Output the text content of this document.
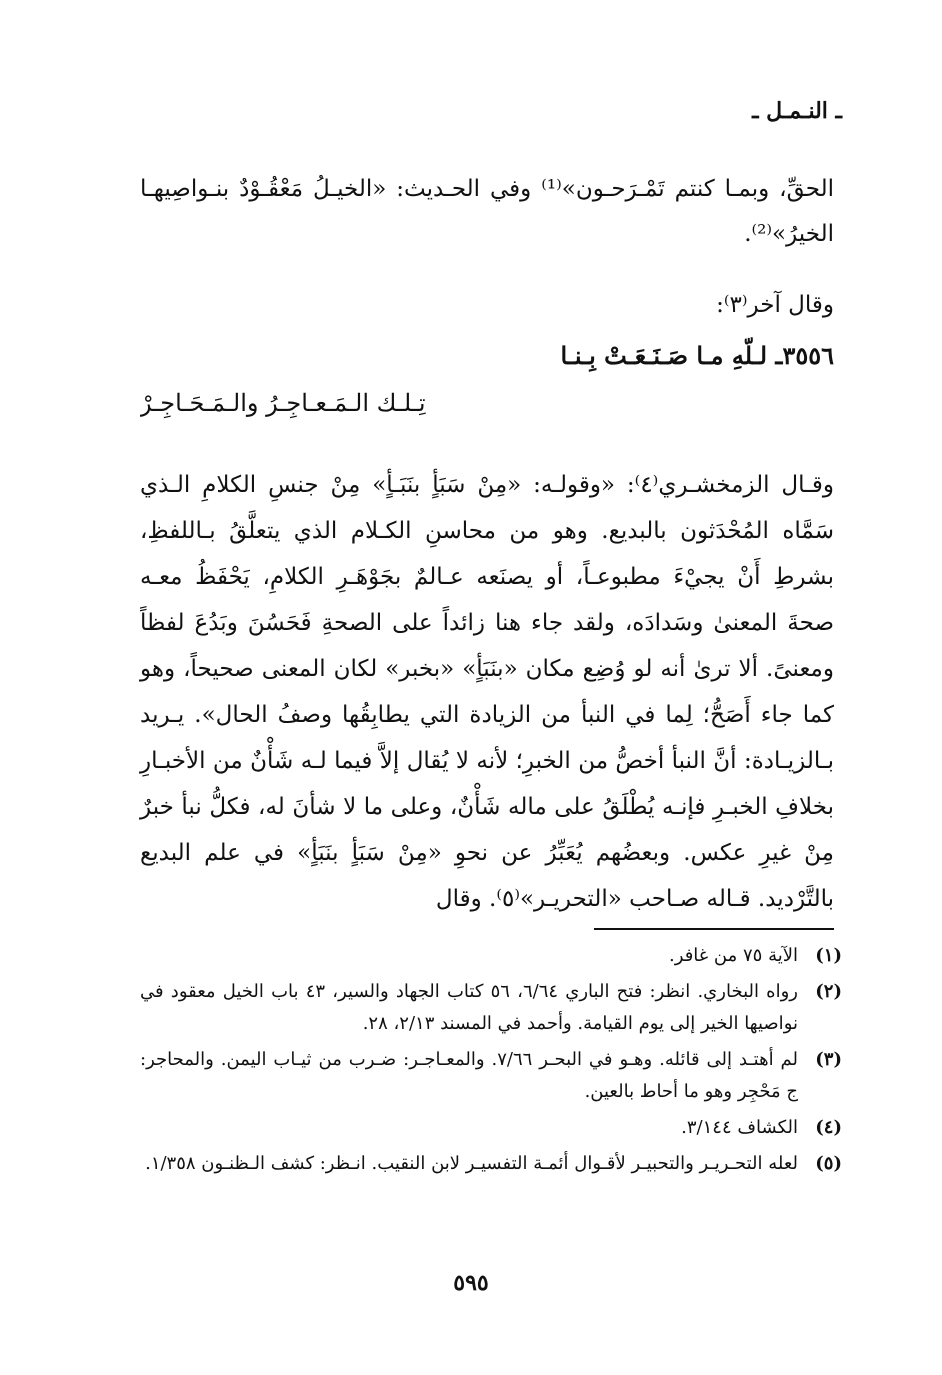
ـ النـمـل ـ
الحقِّ، وبمـا كنتم تَمْـرَحـون»⁽¹⁾ وفي الحـديث: «الخيـلُ مَعْقُـوْدٌ بنـواصِيهـا الخيرُ»⁽²⁾.
وقال آخر⁽٣⁾:
٣٥٥٦ـ لـلّهِ مـا صَـنَـعَـتْ بِـنـا
تِـلـك الـمَـعـاجِـرُ والـمَـحَـاجِـرْ
وقـال الزمخشـري⁽٤⁾: «وقولـه: «مِنْ سَبَأٍ بنَبَـأٍ» مِنْ جنسِ الكلامِ الـذي سَمَّاه المُحْدَثون بالبديع. وهو من محاسنِ الكـلام الذي يتعلَّقُ بـاللفظِ، بشرطِ أَنْ يجيْءَ مطبوعـاً، أو يصنَعه عـالمٌ بجَوْهَـرِ الكلامِ، يَحْفَظُ معـه صحةَ المعنىٰ وسَدادَه، ولقد جاء هنا زائداً على الصحةِ فَحَسُنَ وبَدُعَ لفظاً ومعنىً. ألا ترىٰ أنه لو وُضِع مكان «بنَبَأٍ» «بخبر» لكان المعنى صحيحاً، وهو كما جاء أَصَحُّ؛ لِما في النبأ من الزيادة التي يطابِقُها وصفُ الحال». يـريد بـالزيـادة: أنَّ النبأ أخصُّ من الخبرِ؛ لأنه لا يُقال إلاَّ فيما لـه شَأْنٌ من الأخبـارِ بخلافِ الخبـرِ فإنـه يُطْلَقُ على ماله شَأْنٌ، وعلى ما لا شأنَ له، فكلُّ نبأ خبرٌ مِنْ غيرِ عكس. وبعضُهم يُعَبِّرُ عن نحوِ «مِنْ سَبَأٍ بنَبَأٍ» في علم البديع بالتَّرْديد. قـاله صـاحب «التحريـر»⁽٥⁾. وقال
(١)
الآية ٧٥ من غافر.
(٢)
رواه البخاري. انظر: فتح الباري ٦/٦٤، ٥٦ كتاب الجهاد والسير، ٤٣ باب الخيل معقود في نواصيها الخير إلى يوم القيامة. وأحمد في المسند ٢/١٣، ٢٨.
(٣)
لم أهتـد إلى قائله. وهـو في البحـر ٧/٦٦. والمعـاجـر: ضـرب من ثيـاب اليمن. والمحاجر: ج مَحْجِر وهو ما أحاط بالعين.
(٤)
الكشاف ٣/١٤٤.
(٥)
لعله التحـريـر والتحبيـر لأقـوال أئمـة التفسيـر لابن النقيب. انـظر: كشف الـظنـون ١/٣٥٨.
٥٩٥
